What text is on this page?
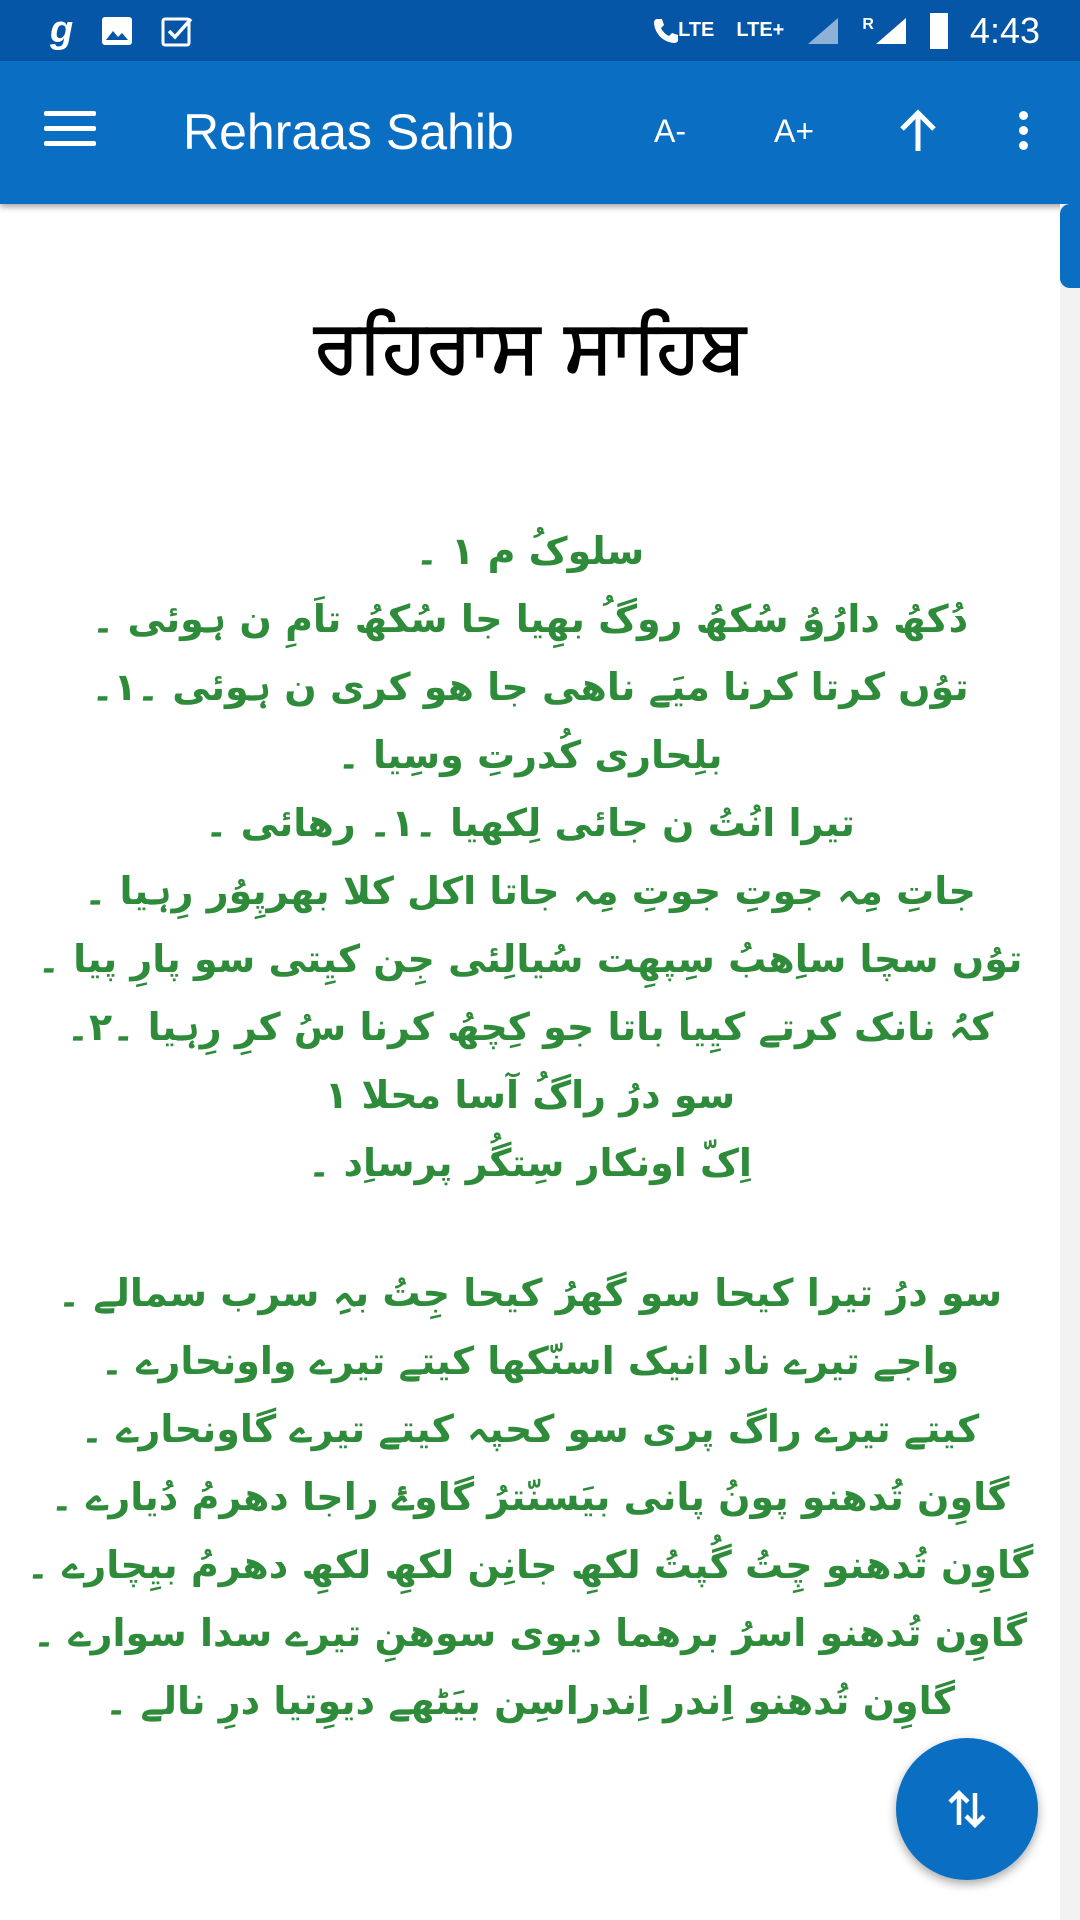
g	LTE LTE+	R	4:43
Rehraas Sahib	A-	A+
ਰਹਿਰਾਸ ਸਾਹਿਬ
سلوکُ م ١ ۔
دُکھُ دارُوُ سُکھُ روگُ بھِیا جا سُکھُ تاَمِ ن ہوئی ۔
توُں کرتا کرنا میَے ناھی جا ھو کری ن ہوئی ۔١۔
بلِحاری کُدرتِ وسِیا ۔
تیرا انُتُ ن جائی لِکھیا ۔١۔ رھائی ۔
جاتِ مِہ جوتِ جوتِ مِہ جاتا اکل کلا بھرپِوُر رِہیا ۔
توُں سچا ساِھبُ سِپھِت سُیالِئی جِن کیِتی سو پارِ پیا ۔
کہُ نانک کرتے کیِیا باتا جو کِچھُ کرنا سُ کرِ رِہیا ۔٢۔
سو درُ راگُ آسا محلا ١
اِکّ اونکار سِتگُر پرساِد ۔
سو درُ تیرا کیحا سو گھرُ کیحا جِتُ بہِ سرب سمالے ۔
واجے تیرے ناد انیک اسنّکھا کیتے تیرے واونحارے ۔
کیتے تیرے راگ پری سو کحپہ کیتے تیرے گاونحارے ۔
گاوِن تُدھنو پونُ پانی بیَسنّترُ گاوۓ راجا دھرمُ دُیارے ۔
گاوِن تُدھنو چِتُ گُپتُ لکھِ جانِن لکھِ لکھِ دھرمُ بیِچارے ۔
گاوِن تُدھنو اسرُ برھما دیوی سوھنِ تیرے سدا سوارے ۔
گاوِن تُدھنو اِندر اِندراسِن بیَٹھے دیوِتیا درِ نالے ۔
